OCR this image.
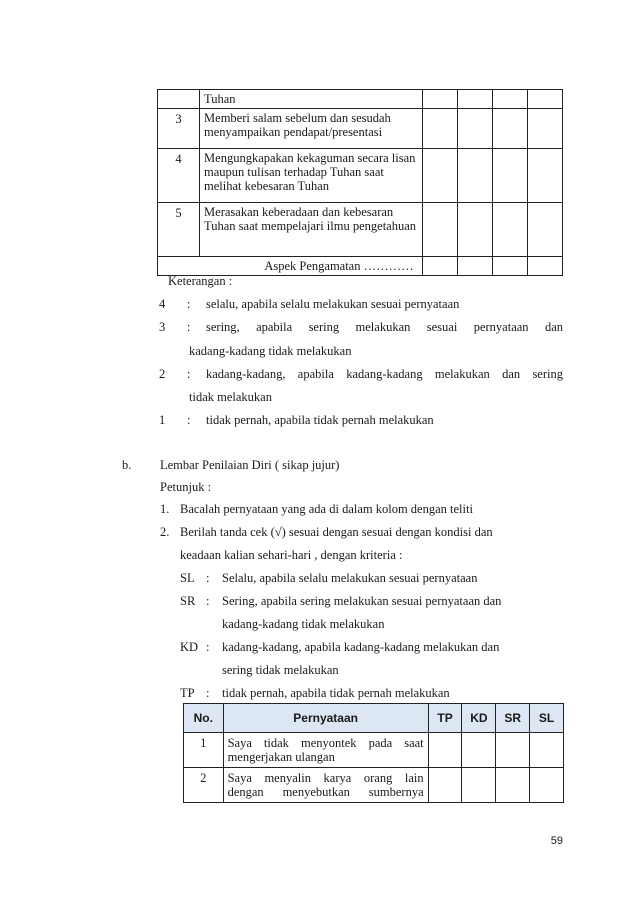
	Tuhan				
3	Memberi salam sebelum dan sesudah menyampaikan pendapat/presentasi				
4	Mengungkapakan kekaguman secara lisan maupun tulisan terhadap Tuhan saat melihat kebesaran Tuhan				
5	Merasakan keberadaan dan kebesaran Tuhan saat mempelajari ilmu pengetahuan				
Aspek Pengamatan …………					
Keterangan :
4 : selalu, apabila selalu melakukan sesuai pernyataan
3 : sering, apabila sering melakukan sesuai pernyataan dan
kadang-kadang tidak melakukan
2 : kadang-kadang, apabila kadang-kadang melakukan dan sering
tidak melakukan
1 : tidak pernah, apabila tidak pernah melakukan
b. Lembar Penilaian Diri ( sikap jujur)
Petunjuk :
1. Bacalah pernyataan yang ada di dalam kolom dengan teliti
2. Berilah tanda cek (√) sesuai dengan sesuai dengan kondisi dan
keadaan kalian sehari-hari , dengan kriteria :
SL : Selalu, apabila selalu melakukan sesuai pernyataan
SR : Sering, apabila sering melakukan sesuai pernyataan dan
kadang-kadang tidak melakukan
KD : kadang-kadang, apabila kadang-kadang melakukan dan
sering tidak melakukan
TP : tidak pernah, apabila tidak pernah melakukan
No.	Pernyataan	TP	KD	SR	SL
1	Saya tidak menyontek pada saat
mengerjakan ulangan				

2	Saya menyalin karya orang lain
dengan menyebutkan sumbernya				

59
